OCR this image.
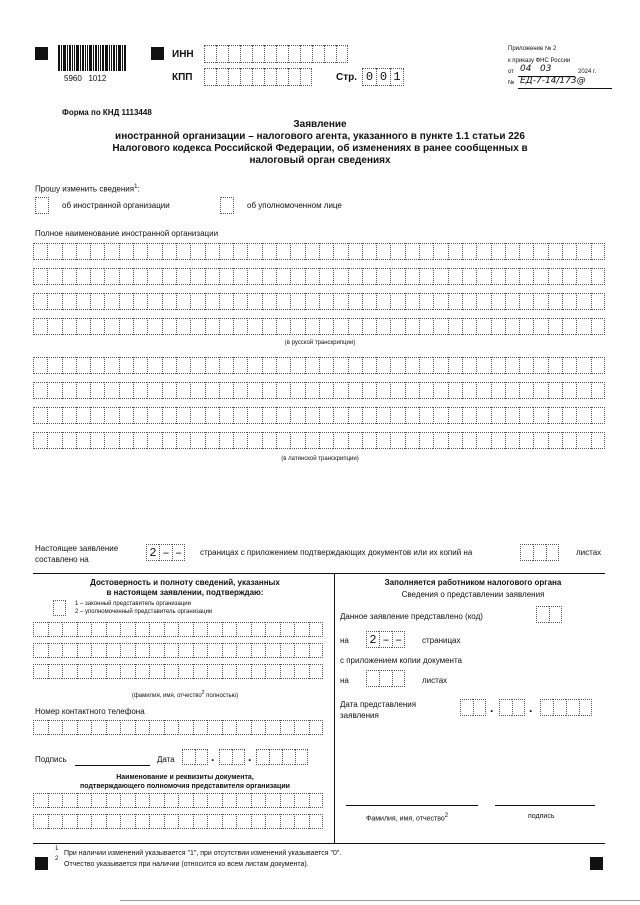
5960   1012
ИНН
КПП	Стр. 0 0 1
Приложение № 2
к приказу ФНС России
от 04   03	2024 г.
№ ЕД-7-14/173@
Форма по КНД 1113448
Заявление
иностранной организации – налогового агента, указанного в пункте 1.1 статьи 226
Налогового кодекса Российской Федерации, об изменениях в ранее сообщенных в
налоговый орган сведениях
Прошу изменить сведения$^1$:
об иностранной организации	об уполномоченном лице
Полное наименование иностранной организации
(в русской транскрипции)
(в латинской транскрипции)
Настоящее заявление
составлено на	2 – – страницах с приложением подтверждающих документов или их копий на	листах
Достоверность и полноту сведений, указанных
в настоящем заявлении, подтверждаю:
1 – законный представитель организации
2 – уполномоченный представитель организации
(фамилия, имя, отчество$^2$ полностью)
Номер контактного телефона
Подпись	Дата	.	.
Наименование и реквизиты документа,
подтверждающего полномочия представителя организации
Заполняется работником налогового органа
Сведения о представлении заявления
Данное заявление представлено (код)
на 2 – – страницах
с приложением копии документа
на	листах
Дата представления
заявления
.	.
Фамилия, имя, отчество$^2$	подпись
1
При наличии изменений указывается "1", при отсутствии изменений указывается "0".
2
Отчество указывается при наличии (относится ко всем листам документа).
